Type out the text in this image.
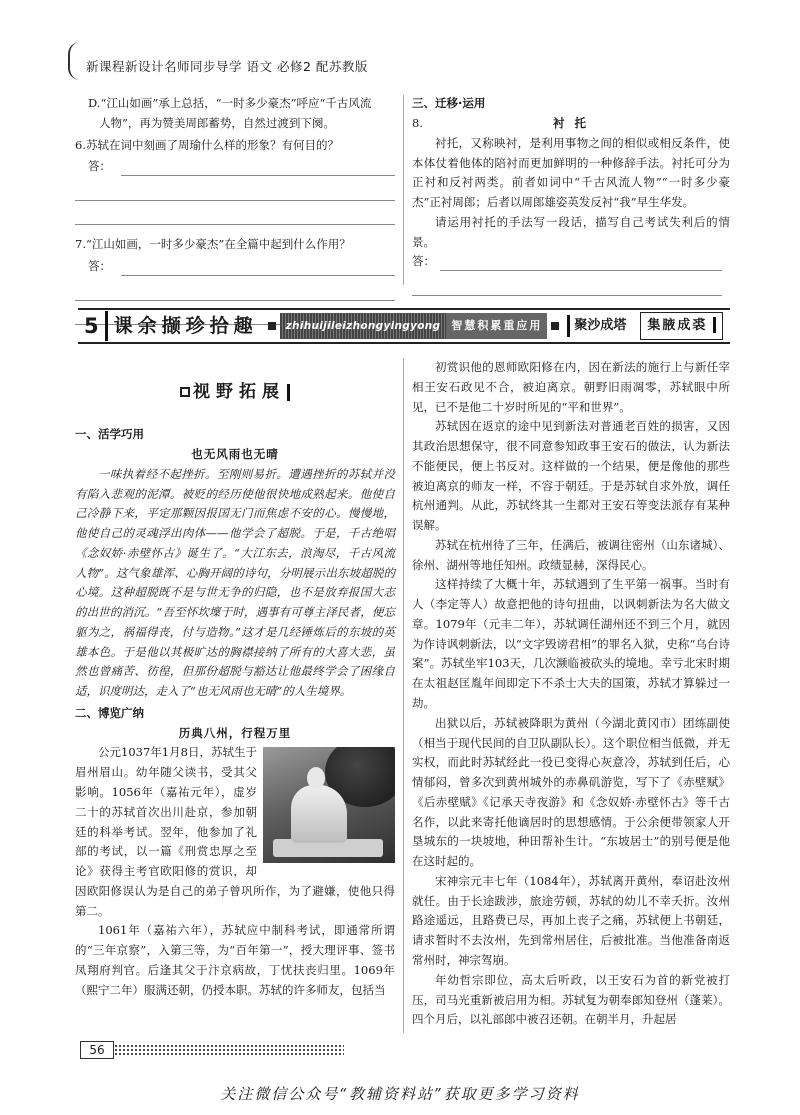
新课程新设计名师同步导学 语文 必修2 配苏教版
D.“江山如画”承上总括，“一时多少豪杰”呼应“千古风流
人物”，再为赞美周郎蓄势，自然过渡到下阕。
6.苏轼在词中刻画了周瑜什么样的形象？有何目的？
答：
7.“江山如画，一时多少豪杰”在全篇中起到什么作用？
答：
三、迁移·运用
8.	衬 托
衬托，又称映衬，是利用事物之间的相似或相反条件，使本体仗着他体的陪衬而更加鲜明的一种修辞手法。衬托可分为正衬和反衬两类。前者如词中“千古风流人物”“一时多少豪杰”正衬周郎；后者以周郎雄姿英发反衬“我”早生华发。
请运用衬托的手法写一段话，描写自己考试失利后的情景。
答：
5 课余撷珍拾趣	zhihuijileizhongyingyong	智慧积累重应用	聚沙成塔	集腋成裘
视野拓展
一、活学巧用
也无风雨也无晴
一味执着经不起挫折。至刚则易折。遭遇挫折的苏轼并没有陷入悲观的泥潭。被贬的经历使他很快地成熟起来。他使自己冷静下来，平定那颗因报国无门而焦虑不安的心。慢慢地，他使自己的灵魂浮出肉体——他学会了超脱。于是，千古绝唱《念奴娇·赤壁怀古》诞生了。“大江东去，浪淘尽，千古风流人物”。这气象雄浑、心胸开阔的诗句，分明展示出东坡超脱的心境。这种超脱既不是与世无争的归隐，也不是放弃报国大志的出世的消沉。“吾至怀坎壈于时，遇事有可尊主泽民者，便忘躯为之，祸福得丧，付与造物。”这才是几经锤炼后的东坡的英雄本色。于是他以其极旷达的胸襟接纳了所有的大喜大悲，虽然也曾痛苦、彷徨，但那份超脱与豁达让他最终学会了困缘自适，识度明达，走入了“也无风雨也无晴”的人生境界。
二、博览广纳
历典八州，行程万里
公元1037年1月8日，苏轼生于眉州眉山。幼年随父读书，受其父影响。1056年（嘉祐元年），虚岁二十的苏轼首次出川赴京，参加朝廷的科举考试。翌年，他参加了礼部的考试，以一篇《刑赏忠厚之至论》获得主考官欧阳修的赏识，却因欧阳修误认为是自己的弟子曾巩所作，为了避嫌，使他只得第二。
1061年（嘉祐六年），苏轼应中制科考试，即通常所谓的“三年京察”，入第三等，为“百年第一”，授大理评事、签书凤翔府判官。后逢其父于汴京病故，丁忧扶丧归里。1069年（熙宁二年）服满还朝，仍授本职。苏轼的许多师友，包括当
初赏识他的恩师欧阳修在内，因在新法的施行上与新任宰相王安石政见不合，被迫离京。朝野旧雨凋零，苏轼眼中所见，已不是他二十岁时所见的“平和世界”。
苏轼因在返京的途中见到新法对普通老百姓的损害，又因其政治思想保守，很不同意参知政事王安石的做法，认为新法不能便民，便上书反对。这样做的一个结果，便是像他的那些被迫离京的师友一样，不容于朝廷。于是苏轼自求外放，调任杭州通判。从此，苏轼终其一生都对王安石等变法派存有某种误解。
苏轼在杭州待了三年，任满后，被调往密州（山东诸城）、徐州、湖州等地任知州。政绩显赫，深得民心。
这样持续了大概十年，苏轼遇到了生平第一祸事。当时有人（李定等人）故意把他的诗句扭曲，以讽刺新法为名大做文章。1079年（元丰二年），苏轼调任湖州还不到三个月，就因为作诗讽刺新法，以“文字毁谤君相”的罪名入狱，史称“乌台诗案”。苏轼坐牢103天，几次濒临被砍头的境地。幸亏北宋时期在太祖赵匡胤年间即定下不杀士大夫的国策，苏轼才算躲过一劫。
出狱以后，苏轼被降职为黄州（今湖北黄冈市）团练副使（相当于现代民间的自卫队副队长）。这个职位相当低微，并无实权，而此时苏轼经此一役已变得心灰意冷，苏轼到任后，心情郁闷，曾多次到黄州城外的赤鼻矶游览，写下了《赤壁赋》《后赤壁赋》《记承天寺夜游》和《念奴娇·赤壁怀古》等千古名作，以此来寄托他谪居时的思想感情。于公余便带领家人开垦城东的一块坡地，种田帮补生计。“东坡居士”的别号便是他在这时起的。
宋神宗元丰七年（1084年），苏轼离开黄州，奉诏赴汝州就任。由于长途跋涉，旅途劳顿，苏轼的幼儿不幸夭折。汝州路途遥远，且路费已尽，再加上丧子之痛，苏轼便上书朝廷，请求暂时不去汝州，先到常州居住，后被批准。当他准备南返常州时，神宗驾崩。
年幼哲宗即位，高太后听政，以王安石为首的新党被打压，司马光重新被启用为相。苏轼复为朝奉郎知登州（蓬莱）。四个月后，以礼部郎中被召还朝。在朝半月，升起居
56
关注微信公众号“教辅资料站”获取更多学习资料
